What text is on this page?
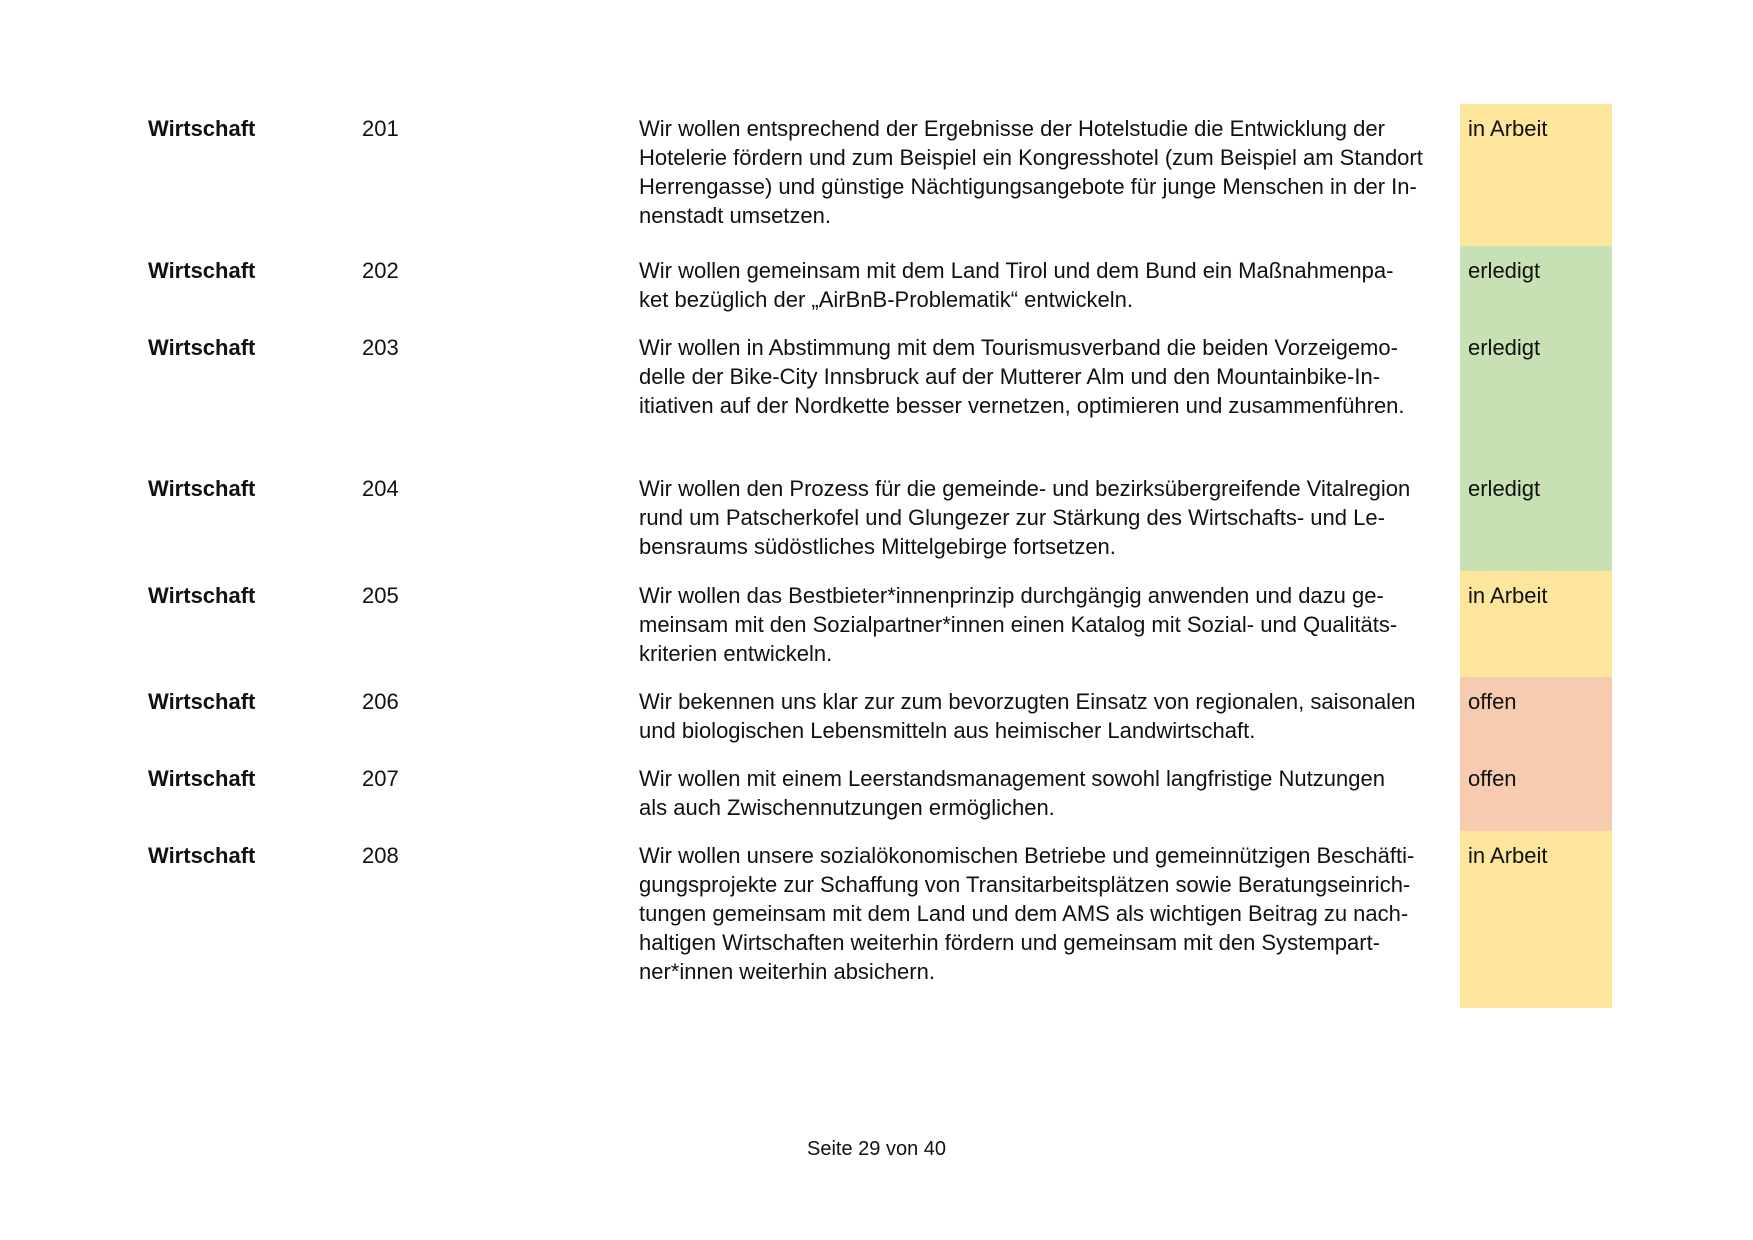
Wirtschaft	201	Wir wollen entsprechend der Ergebnisse der Hotelstudie die Entwicklung der
Hotelerie fördern und zum Beispiel ein Kongresshotel (zum Beispiel am Standort
Herrengasse) und günstige Nächtigungsangebote für junge Menschen in der In-
nenstadt umsetzen.
in Arbeit
Wirtschaft	202	Wir wollen gemeinsam mit dem Land Tirol und dem Bund ein Maßnahmenpa-
ket bezüglich der „AirBnB-Problematik“ entwickeln.
erledigt
Wirtschaft	203	Wir wollen in Abstimmung mit dem Tourismusverband die beiden Vorzeigemo-
delle der Bike-City Innsbruck auf der Mutterer Alm und den Mountainbike-In-
itiativen auf der Nordkette besser vernetzen, optimieren und zusammenführen.
erledigt
Wirtschaft	204	Wir wollen den Prozess für die gemeinde- und bezirksübergreifende Vitalregion
rund um Patscherkofel und Glungezer zur Stärkung des Wirtschafts- und Le-
bensraums südöstliches Mittelgebirge fortsetzen.
erledigt
Wirtschaft	205	Wir wollen das Bestbieter*innenprinzip durchgängig anwenden und dazu ge-
meinsam mit den Sozialpartner*innen einen Katalog mit Sozial- und Qualitäts-
kriterien entwickeln.
in Arbeit
Wirtschaft	206	Wir bekennen uns klar zur zum bevorzugten Einsatz von regionalen, saisonalen
und biologischen Lebensmitteln aus heimischer Landwirtschaft.
offen
Wirtschaft	207	Wir wollen mit einem Leerstandsmanagement sowohl langfristige Nutzungen
als auch Zwischennutzungen ermöglichen.
offen
Wirtschaft	208	Wir wollen unsere sozialökonomischen Betriebe und gemeinnützigen Beschäfti-
gungsprojekte zur Schaffung von Transitarbeitsplätzen sowie Beratungseinrich-
tungen gemeinsam mit dem Land und dem AMS als wichtigen Beitrag zu nach-
haltigen Wirtschaften weiterhin fördern und gemeinsam mit den Systempart-
ner*innen weiterhin absichern.
in Arbeit
Seite 29 von 40
